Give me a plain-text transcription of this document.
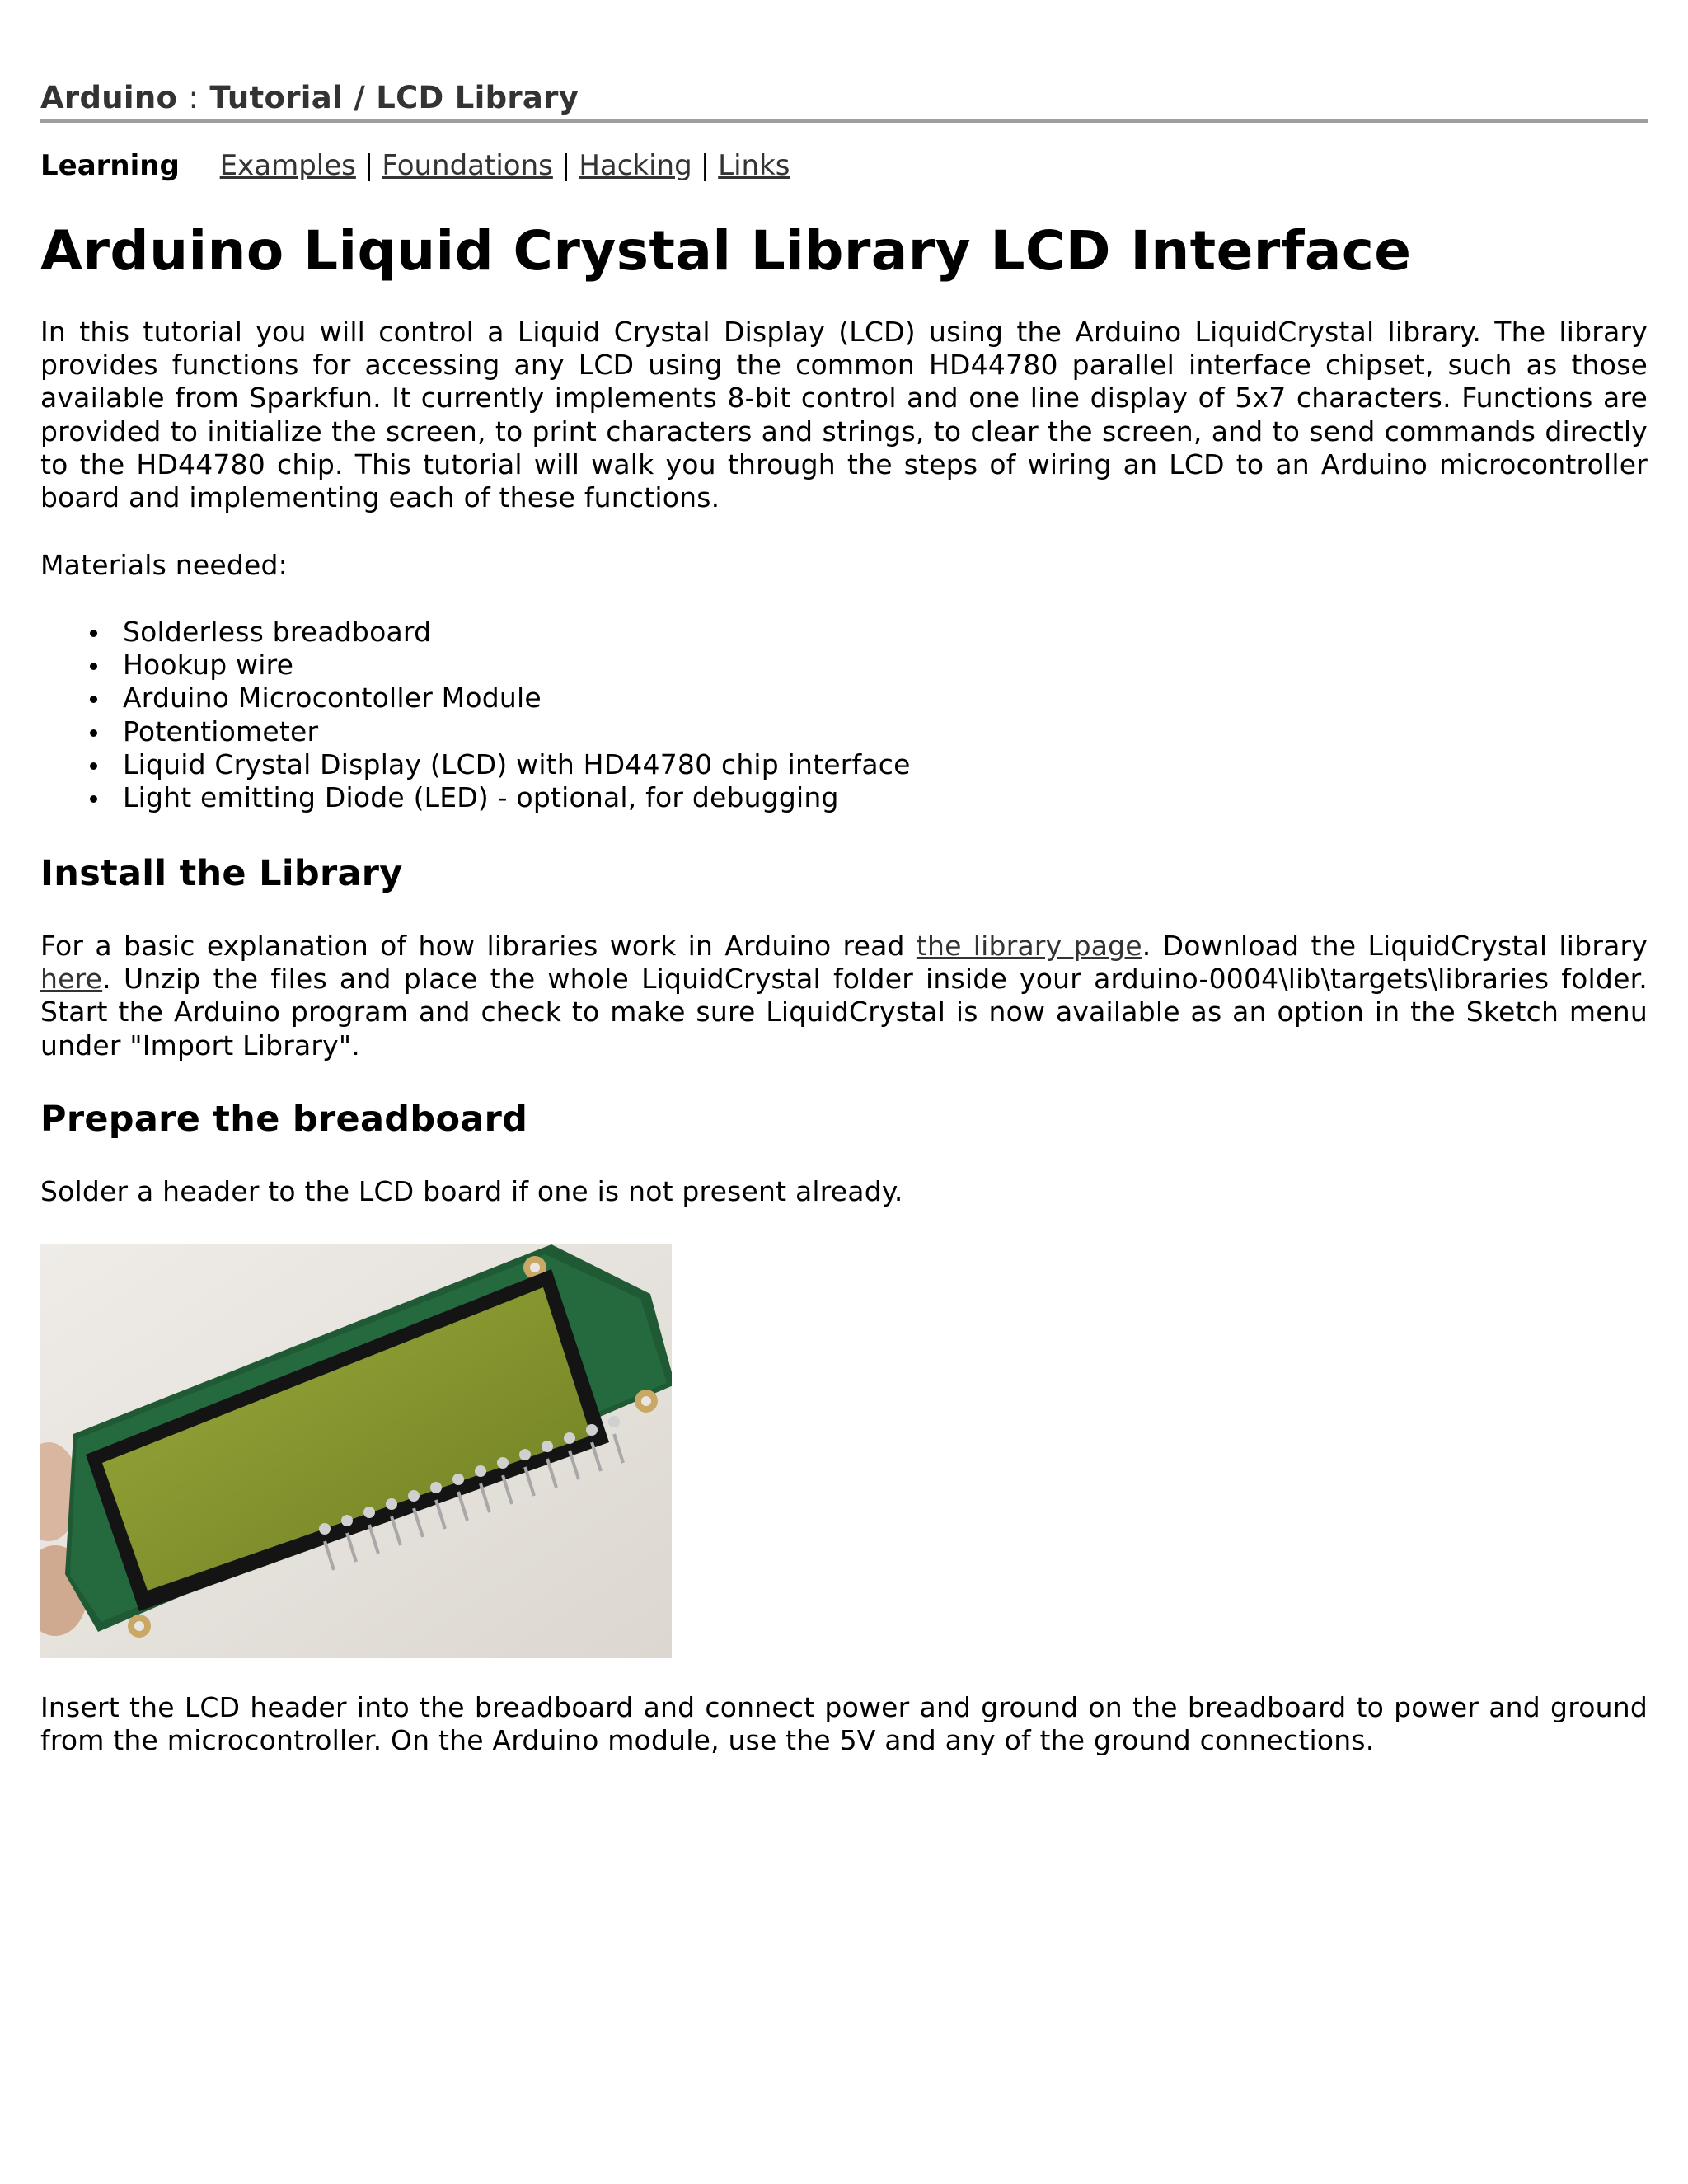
Arduino : Tutorial / LCD Library
Learning Examples | Foundations | Hacking | Links
Arduino Liquid Crystal Library LCD Interface

In this tutorial you will control a Liquid Crystal Display (LCD) using the Arduino LiquidCrystal library. The library provides functions for accessing any LCD using the common HD44780 parallel interface chipset, such as those available from Sparkfun. It currently implements 8-bit control and one line display of 5x7 characters. Functions are provided to initialize the screen, to print characters and strings, to clear the screen, and to send commands directly to the HD44780 chip. This tutorial will walk you through the steps of wiring an LCD to an Arduino microcontroller board and implementing each of these functions.

Materials needed:

Solderless breadboard
Hookup wire
Arduino Microcontoller Module
Potentiometer
Liquid Crystal Display (LCD) with HD44780 chip interface
Light emitting Diode (LED) - optional, for debugging
Install the Library

For a basic explanation of how libraries work in Arduino read the library page. Download the LiquidCrystal library here. Unzip the files and place the whole LiquidCrystal folder inside your arduino-0004\lib\targets\libraries folder. Start the Arduino program and check to make sure LiquidCrystal is now available as an option in the Sketch menu under "Import Library".

Prepare the breadboard

Solder a header to the LCD board if one is not present already.

Insert the LCD header into the breadboard and connect power and ground on the breadboard to power and ground from the microcontroller. On the Arduino module, use the 5V and any of the ground connections.
